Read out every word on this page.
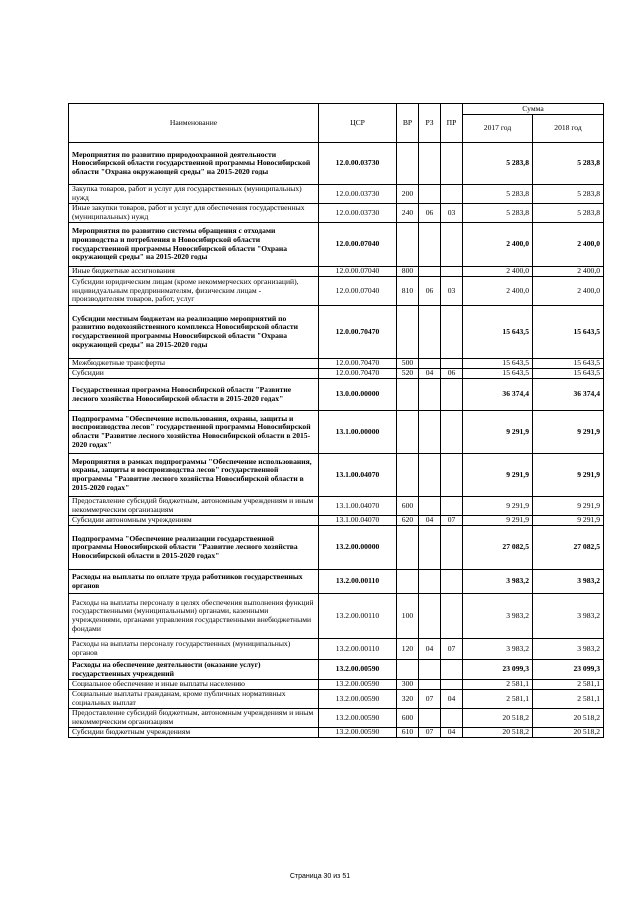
Наименование	ЦСР	ВР	РЗ	ПР	Сумма	
					2017 год	2018 год
Мероприятия по развитию природоохранной деятельности Новосибирской области государственной программы Новосибирской области "Охрана окружающей среды" на 2015-2020 годы	12.0.00.03730				5 283,8	5 283,8
Закупка товаров, работ и услуг для государственных (муниципальных) нужд	12.0.00.03730	200			5 283,8	5 283,8
Иные закупки товаров, работ и услуг для обеспечения государственных (муниципальных) нужд	12.0.00.03730	240	06	03	5 283,8	5 283,8
Мероприятия по развитию системы обращения с отходами производства и потребления в Новосибирской области государственной программы Новосибирской области "Охрана окружающей среды" на 2015-2020 годы	12.0.00.07040				2 400,0	2 400,0
Иные бюджетные ассигнования	12.0.00.07040	800			2 400,0	2 400,0
Субсидии юридическим лицам (кроме некоммерческих организаций), индивидуальным предпринимателям, физическим лицам - производителям товаров, работ, услуг	12.0.00.07040	810	06	03	2 400,0	2 400,0
Субсидии местным бюджетам на реализацию мероприятий по развитию водохозяйственного комплекса Новосибирской области государственной программы Новосибирской области "Охрана окружающей среды" на 2015-2020 годы	12.0.00.70470				15 643,5	15 643,5
Межбюджетные трансферты	12.0.00.70470	500			15 643,5	15 643,5
Субсидии	12.0.00.70470	520	04	06	15 643,5	15 643,5
Государственная программа Новосибирской области "Развитие лесного хозяйства Новосибирской области в 2015-2020 годах"	13.0.00.00000				36 374,4	36 374,4
Подпрограмма "Обеспечение использования, охраны, защиты и воспроизводства лесов" государственной программы Новосибирской области "Развитие лесного хозяйства Новосибирской области в 2015-2020 годах"	13.1.00.00000				9 291,9	9 291,9
Мероприятия в рамках подпрограммы "Обеспечение использования, охраны, защиты и воспроизводства лесов" государственной программы "Развитие лесного хозяйства Новосибирской области в 2015-2020 годах"	13.1.00.04070				9 291,9	9 291,9
Предоставление субсидий бюджетным, автономным учреждениям и иным некоммерческим организациям	13.1.00.04070	600			9 291,9	9 291,9
Субсидии автономным учреждениям	13.1.00.04070	620	04	07	9 291,9	9 291,9
Подпрограмма "Обеспечение реализации государственной программы Новосибирской области "Развитие лесного хозяйства Новосибирской области в 2015-2020 годах"	13.2.00.00000				27 082,5	27 082,5
Расходы на выплаты по оплате труда работников государственных органов	13.2.00.00110				3 983,2	3 983,2
Расходы на выплаты персоналу в целях обеспечения выполнения функций государственными (муниципальными) органами, казенными учреждениями, органами управления государственными внебюджетными фондами	13.2.00.00110	100			3 983,2	3 983,2
Расходы на выплаты персоналу государственных (муниципальных) органов	13.2.00.00110	120	04	07	3 983,2	3 983,2
Расходы на обеспечение деятельности (оказание услуг) государственных учреждений	13.2.00.00590				23 099,3	23 099,3
Социальное обеспечение и иные выплаты населению	13.2.00.00590	300			2 581,1	2 581,1
Социальные выплаты гражданам, кроме публичных нормативных социальных выплат	13.2.00.00590	320	07	04	2 581,1	2 581,1
Предоставление субсидий бюджетным, автономным учреждениям и иным некоммерческим организациям	13.2.00.00590	600			20 518,2	20 518,2
Субсидии бюджетным учреждениям	13.2.00.00590	610	07	04	20 518,2	20 518,2
Страница 30 из 51
